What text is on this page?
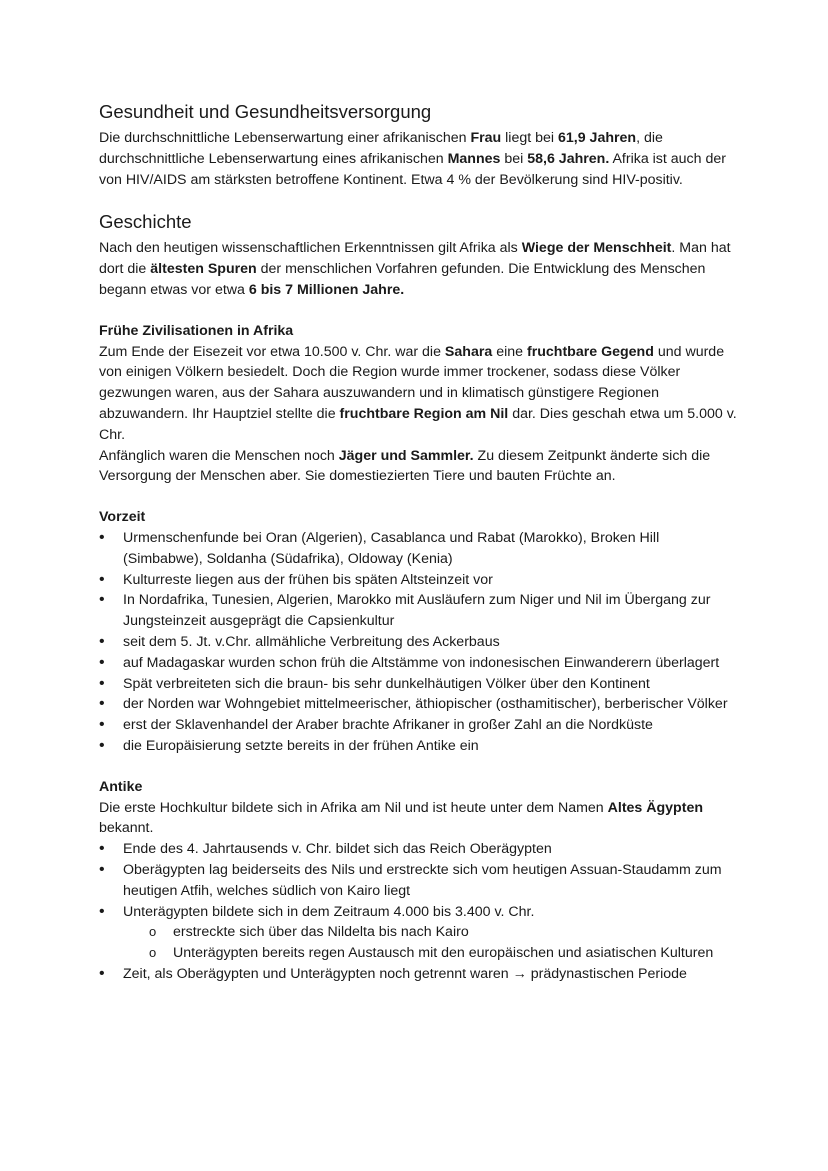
Gesundheit und Gesundheitsversorgung

Die durchschnittliche Lebenserwartung einer afrikanischen Frau liegt bei 61,9 Jahren, die durchschnittliche Lebenserwartung eines afrikanischen Mannes bei 58,6 Jahren. Afrika ist auch der von HIV/AIDS am stärksten betroffene Kontinent. Etwa 4 % der Bevölkerung sind HIV-positiv.

Geschichte

Nach den heutigen wissenschaftlichen Erkenntnissen gilt Afrika als Wiege der Menschheit. Man hat dort die ältesten Spuren der menschlichen Vorfahren gefunden. Die Entwicklung des Menschen begann etwas vor etwa 6 bis 7 Millionen Jahre.

Frühe Zivilisationen in Afrika

Zum Ende der Eisezeit vor etwa 10.500 v. Chr. war die Sahara eine fruchtbare Gegend und wurde von einigen Völkern besiedelt. Doch die Region wurde immer trockener, sodass diese Völker gezwungen waren, aus der Sahara auszuwandern und in klimatisch günstigere Regionen abzuwandern. Ihr Hauptziel stellte die fruchtbare Region am Nil dar. Dies geschah etwa um 5.000 v. Chr.

Anfänglich waren die Menschen noch Jäger und Sammler. Zu diesem Zeitpunkt änderte sich die Versorgung der Menschen aber. Sie domestiezierten Tiere und bauten Früchte an.

Vorzeit
• Urmenschenfunde bei Oran (Algerien), Casablanca und Rabat (Marokko), Broken Hill (Simbabwe), Soldanha (Südafrika), Oldoway (Kenia)
• Kulturreste liegen aus der frühen bis späten Altsteinzeit vor
• In Nordafrika, Tunesien, Algerien, Marokko mit Ausläufern zum Niger und Nil im Übergang zur Jungsteinzeit ausgeprägt die Capsienkultur
• seit dem 5. Jt. v.Chr. allmähliche Verbreitung des Ackerbaus
• auf Madagaskar wurden schon früh die Altstämme von indonesischen Einwanderern überlagert
• Spät verbreiteten sich die braun- bis sehr dunkelhäutigen Völker über den Kontinent
• der Norden war Wohngebiet mittelmeerischer, äthiopischer (osthamitischer), berberischer Völker
• erst der Sklavenhandel der Araber brachte Afrikaner in großer Zahl an die Nordküste
• die Europäisierung setzte bereits in der frühen Antike ein
Antike

Die erste Hochkultur bildete sich in Afrika am Nil und ist heute unter dem Namen Altes Ägypten bekannt.

• Ende des 4. Jahrtausends v. Chr. bildet sich das Reich Oberägypten
• Oberägypten lag beiderseits des Nils und erstreckte sich vom heutigen Assuan-Staudamm zum heutigen Atfih, welches südlich von Kairo liegt
• Unterägypten bildete sich in dem Zeitraum 4.000 bis 3.400 v. Chr.
o erstreckte sich über das Nildelta bis nach Kairo
o Unterägypten bereits regen Austausch mit den europäischen und asiatischen Kulturen
• Zeit, als Oberägypten und Unterägypten noch getrennt waren → prädynastischen Periode
